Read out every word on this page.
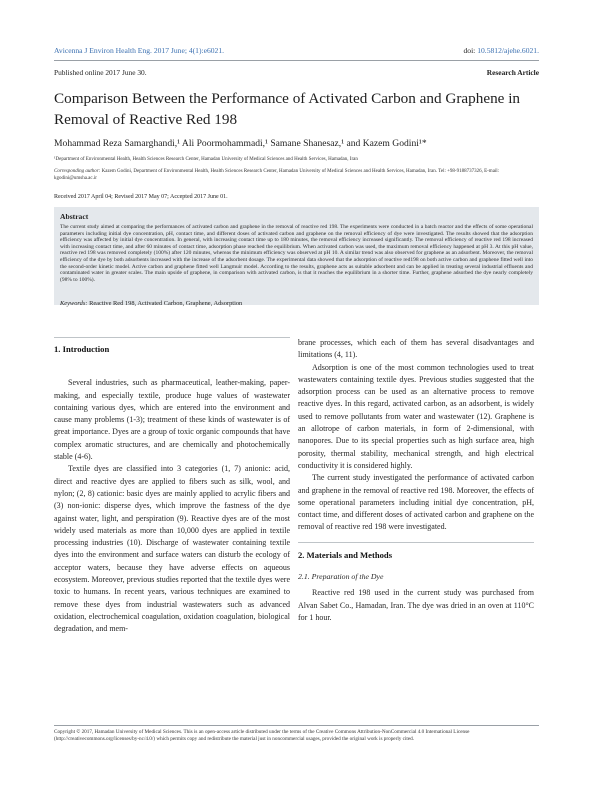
Avicenna J Environ Health Eng. 2017 June; 4(1):e6021.	doi: 10.5812/ajehe.6021.
Published online 2017 June 30.	Research Article
Comparison Between the Performance of Activated Carbon and Graphene in Removal of Reactive Red 198
Mohammad Reza Samarghandi,¹ Ali Poormohammadi,¹ Samane Shanesaz,¹ and Kazem Godini¹*
¹Department of Environmental Health, Health Sciences Research Center, Hamadan University of Medical Sciences and Health Services, Hamadan, Iran
Corresponding author: Kazem Godini, Department of Environmental Health, Health Sciences Research Center, Hamadan University of Medical Sciences and Health Services, Hamadan, Iran. Tel: +98-9188737326, E-mail: kgodini@umsha.ac.ir
Received 2017 April 04; Revised 2017 May 07; Accepted 2017 June 01.
Abstract
The current study aimed at comparing the performances of activated carbon and graphene in the removal of reactive red 198. The experiments were conducted in a batch reactor and the effects of some operational parameters including initial dye concentration, pH, contact time, and different doses of activated carbon and graphene on the removal efficiency of dye were investigated. The results showed that the adsorption efficiency was affected by initial dye concentration. In general, with increasing contact time up to 180 minutes, the removal efficiency increased significantly. The removal efficiency of reactive red 198 increased with increasing contact time, and after 60 minutes of contact time, adsorption phase reached the equilibrium. When activated carbon was used, the maximum removal efficiency happened at pH 3. At this pH value, reactive red 198 was removed completely (100%) after 120 minutes, whereas the minimum efficiency was observed at pH 10. A similar trend was also observed for graphene as an adsorbent. Moreover, the removal efficiency of the dye by both adsorbents increased with the increase of the adsorbent dosage. The experimental data showed that the adsorption of reactive red198 on both active carbon and graphene fitted well into the second-order kinetic model. Active carbon and graphene fitted well Langmuir model. According to the results, graphene acts as suitable adsorbent and can be applied in treating several industrial effluents and contaminated water in greater scales. The main upside of graphene, in comparison with activated carbon, is that it reaches the equilibrium in a shorter time. Further, graphene adsorbed the dye nearly completely (98% to 100%).
Keywords: Reactive Red 198, Activated Carbon, Graphene, Adsorption
1. Introduction

Several industries, such as pharmaceutical, leather-making, paper-making, and especially textile, produce huge values of wastewater containing various dyes, which are entered into the environment and cause many problems (1-3); treatment of these kinds of wastewater is of great importance. Dyes are a group of toxic organic compounds that have complex aromatic structures, and are chemically and photochemically stable (4-6).

Textile dyes are classified into 3 categories (1, 7) anionic: acid, direct and reactive dyes are applied to fibers such as silk, wool, and nylon; (2, 8) cationic: basic dyes are mainly applied to acrylic fibers and (3) non-ionic: disperse dyes, which improve the fastness of the dye against water, light, and perspiration (9). Reactive dyes are of the most widely used materials as more than 10,000 dyes are applied in textile processing industries (10). Discharge of wastewater containing textile dyes into the environment and surface waters can disturb the ecology of acceptor waters, because they have adverse effects on aqueous ecosystem. Moreover, previous studies reported that the textile dyes were toxic to humans. In recent years, various techniques are examined to remove these dyes from industrial wastewaters such as advanced oxidation, electrochemical coagulation, oxidation coagulation, biological degradation, and mem-

brane processes, which each of them has several disadvantages and limitations (4, 11).

Adsorption is one of the most common technologies used to treat wastewaters containing textile dyes. Previous studies suggested that the adsorption process can be used as an alternative process to remove reactive dyes. In this regard, activated carbon, as an adsorbent, is widely used to remove pollutants from water and wastewater (12). Graphene is an allotrope of carbon materials, in form of 2-dimensional, with nanopores. Due to its special properties such as high surface area, high porosity, thermal stability, mechanical strength, and high electrical conductivity it is considered highly.

The current study investigated the performance of activated carbon and graphene in the removal of reactive red 198. Moreover, the effects of some operational parameters including initial dye concentration, pH, contact time, and different doses of activated carbon and graphene on the removal of reactive red 198 were investigated.

2. Materials and Methods
2.1. Preparation of the Dye

Reactive red 198 used in the current study was purchased from Alvan Sabet Co., Hamadan, Iran. The dye was dried in an oven at 110°C for 1 hour.

Copyright © 2017, Hamadan University of Medical Sciences. This is an open-access article distributed under the terms of the Creative Commons Attribution-NonCommercial 4.0 International License (http://creativecommons.org/licenses/by-nc/4.0/) which permits copy and redistribute the material just in noncommercial usages, provided the original work is properly cited.
